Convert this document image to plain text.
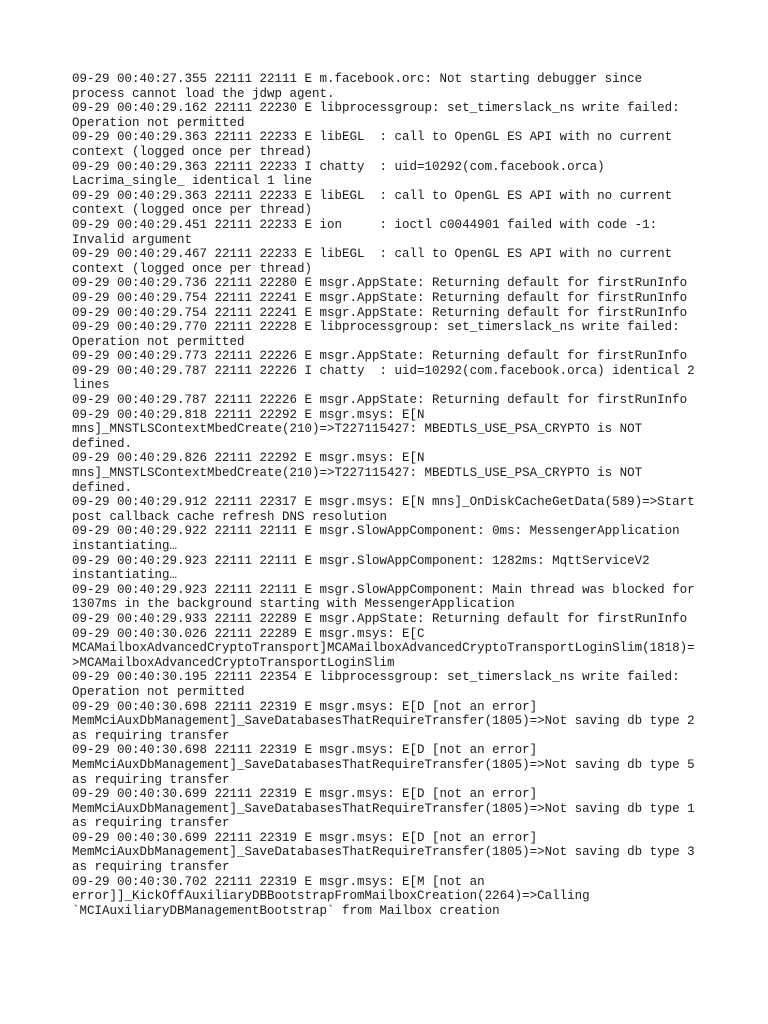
09-29 00:40:27.355 22111 22111 E m.facebook.orc: Not starting debugger since
process cannot load the jdwp agent.
09-29 00:40:29.162 22111 22230 E libprocessgroup: set_timerslack_ns write failed:
Operation not permitted
09-29 00:40:29.363 22111 22233 E libEGL  : call to OpenGL ES API with no current
context (logged once per thread)
09-29 00:40:29.363 22111 22233 I chatty  : uid=10292(com.facebook.orca)
Lacrima_single_ identical 1 line
09-29 00:40:29.363 22111 22233 E libEGL  : call to OpenGL ES API with no current
context (logged once per thread)
09-29 00:40:29.451 22111 22233 E ion     : ioctl c0044901 failed with code -1:
Invalid argument
09-29 00:40:29.467 22111 22233 E libEGL  : call to OpenGL ES API with no current
context (logged once per thread)
09-29 00:40:29.736 22111 22280 E msgr.AppState: Returning default for firstRunInfo
09-29 00:40:29.754 22111 22241 E msgr.AppState: Returning default for firstRunInfo
09-29 00:40:29.754 22111 22241 E msgr.AppState: Returning default for firstRunInfo
09-29 00:40:29.770 22111 22228 E libprocessgroup: set_timerslack_ns write failed:
Operation not permitted
09-29 00:40:29.773 22111 22226 E msgr.AppState: Returning default for firstRunInfo
09-29 00:40:29.787 22111 22226 I chatty  : uid=10292(com.facebook.orca) identical 2
lines
09-29 00:40:29.787 22111 22226 E msgr.AppState: Returning default for firstRunInfo
09-29 00:40:29.818 22111 22292 E msgr.msys: E[N
mns]_MNSTLSContextMbedCreate(210)=>T227115427: MBEDTLS_USE_PSA_CRYPTO is NOT
defined.
09-29 00:40:29.826 22111 22292 E msgr.msys: E[N
mns]_MNSTLSContextMbedCreate(210)=>T227115427: MBEDTLS_USE_PSA_CRYPTO is NOT
defined.
09-29 00:40:29.912 22111 22317 E msgr.msys: E[N mns]_OnDiskCacheGetData(589)=>Start
post callback cache refresh DNS resolution
09-29 00:40:29.922 22111 22111 E msgr.SlowAppComponent: 0ms: MessengerApplication
instantiating…
09-29 00:40:29.923 22111 22111 E msgr.SlowAppComponent: 1282ms: MqttServiceV2
instantiating…
09-29 00:40:29.923 22111 22111 E msgr.SlowAppComponent: Main thread was blocked for
1307ms in the background starting with MessengerApplication
09-29 00:40:29.933 22111 22289 E msgr.AppState: Returning default for firstRunInfo
09-29 00:40:30.026 22111 22289 E msgr.msys: E[C
MCAMailboxAdvancedCryptoTransport]MCAMailboxAdvancedCryptoTransportLoginSlim(1818)=
>MCAMailboxAdvancedCryptoTransportLoginSlim
09-29 00:40:30.195 22111 22354 E libprocessgroup: set_timerslack_ns write failed:
Operation not permitted
09-29 00:40:30.698 22111 22319 E msgr.msys: E[D [not an error]
MemMciAuxDbManagement]_SaveDatabasesThatRequireTransfer(1805)=>Not saving db type 2
as requiring transfer
09-29 00:40:30.698 22111 22319 E msgr.msys: E[D [not an error]
MemMciAuxDbManagement]_SaveDatabasesThatRequireTransfer(1805)=>Not saving db type 5
as requiring transfer
09-29 00:40:30.699 22111 22319 E msgr.msys: E[D [not an error]
MemMciAuxDbManagement]_SaveDatabasesThatRequireTransfer(1805)=>Not saving db type 1
as requiring transfer
09-29 00:40:30.699 22111 22319 E msgr.msys: E[D [not an error]
MemMciAuxDbManagement]_SaveDatabasesThatRequireTransfer(1805)=>Not saving db type 3
as requiring transfer
09-29 00:40:30.702 22111 22319 E msgr.msys: E[M [not an
error]]_KickOffAuxiliaryDBBootstrapFromMailboxCreation(2264)=>Calling
`MCIAuxiliaryDBManagementBootstrap` from Mailbox creation
